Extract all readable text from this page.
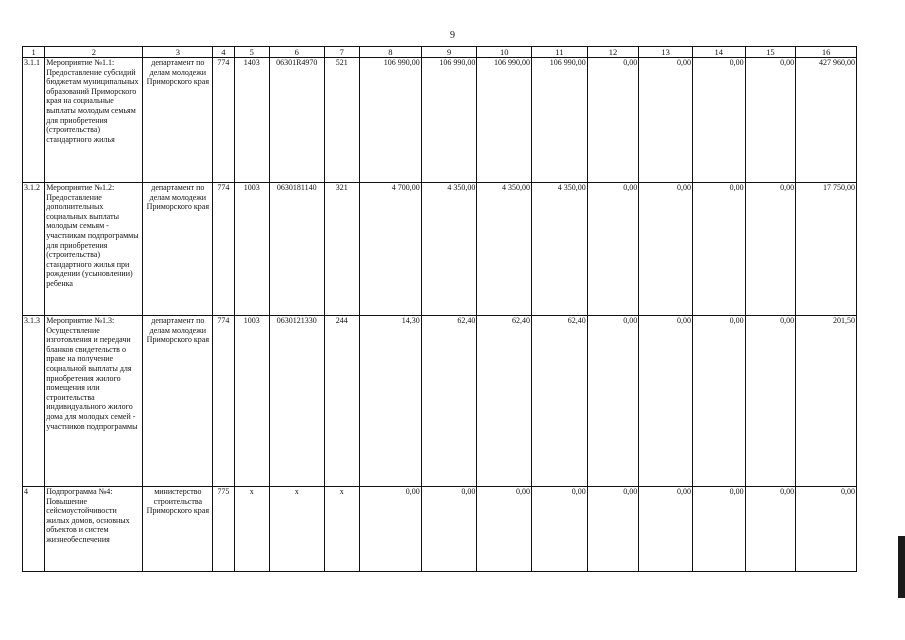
9
1	2	3	4	5	6	7	8	9	10	11	12	13	14	15	16
3.1.1	Мероприятие №1.1: Предоставление субсидий бюджетам муниципальных образований Приморского края на социальные выплаты молодым семьям для приобретения (строительства) стандартного жилья	департамент по делам молодежи Приморского края	774	1403	06301R4970	521	106 990,00	106 990,00	106 990,00	106 990,00	0,00	0,00	0,00	0,00	427 960,00
3.1.2	Мероприятие №1.2: Предоставление дополнительных социальных выплаты молодым семьям - участникам подпрограммы для приобретения (строительства) стандартного жилья при рождении (усыновлении) ребенка	департамент по делам молодежи Приморского края	774	1003	0630181140	321	4 700,00	4 350,00	4 350,00	4 350,00	0,00	0,00	0,00	0,00	17 750,00
3.1.3	Мероприятие №1.3: Осуществление изготовления и передачи бланков свидетельств о праве на получение социальной выплаты для приобретения жилого помещения или строительства индивидуального жилого дома для молодых семей - участников подпрограммы	департамент по делам молодежи Приморского края	774	1003	0630121330	244	14,30	62,40	62,40	62,40	0,00	0,00	0,00	0,00	201,50
4	Подпрограмма №4: Повышение сейсмоустойчивости жилых домов, основных объектов и систем жизнеобеспечения	министерство строительства Приморского края	775	x	x	x	0,00	0,00	0,00	0,00	0,00	0,00	0,00	0,00	0,00
